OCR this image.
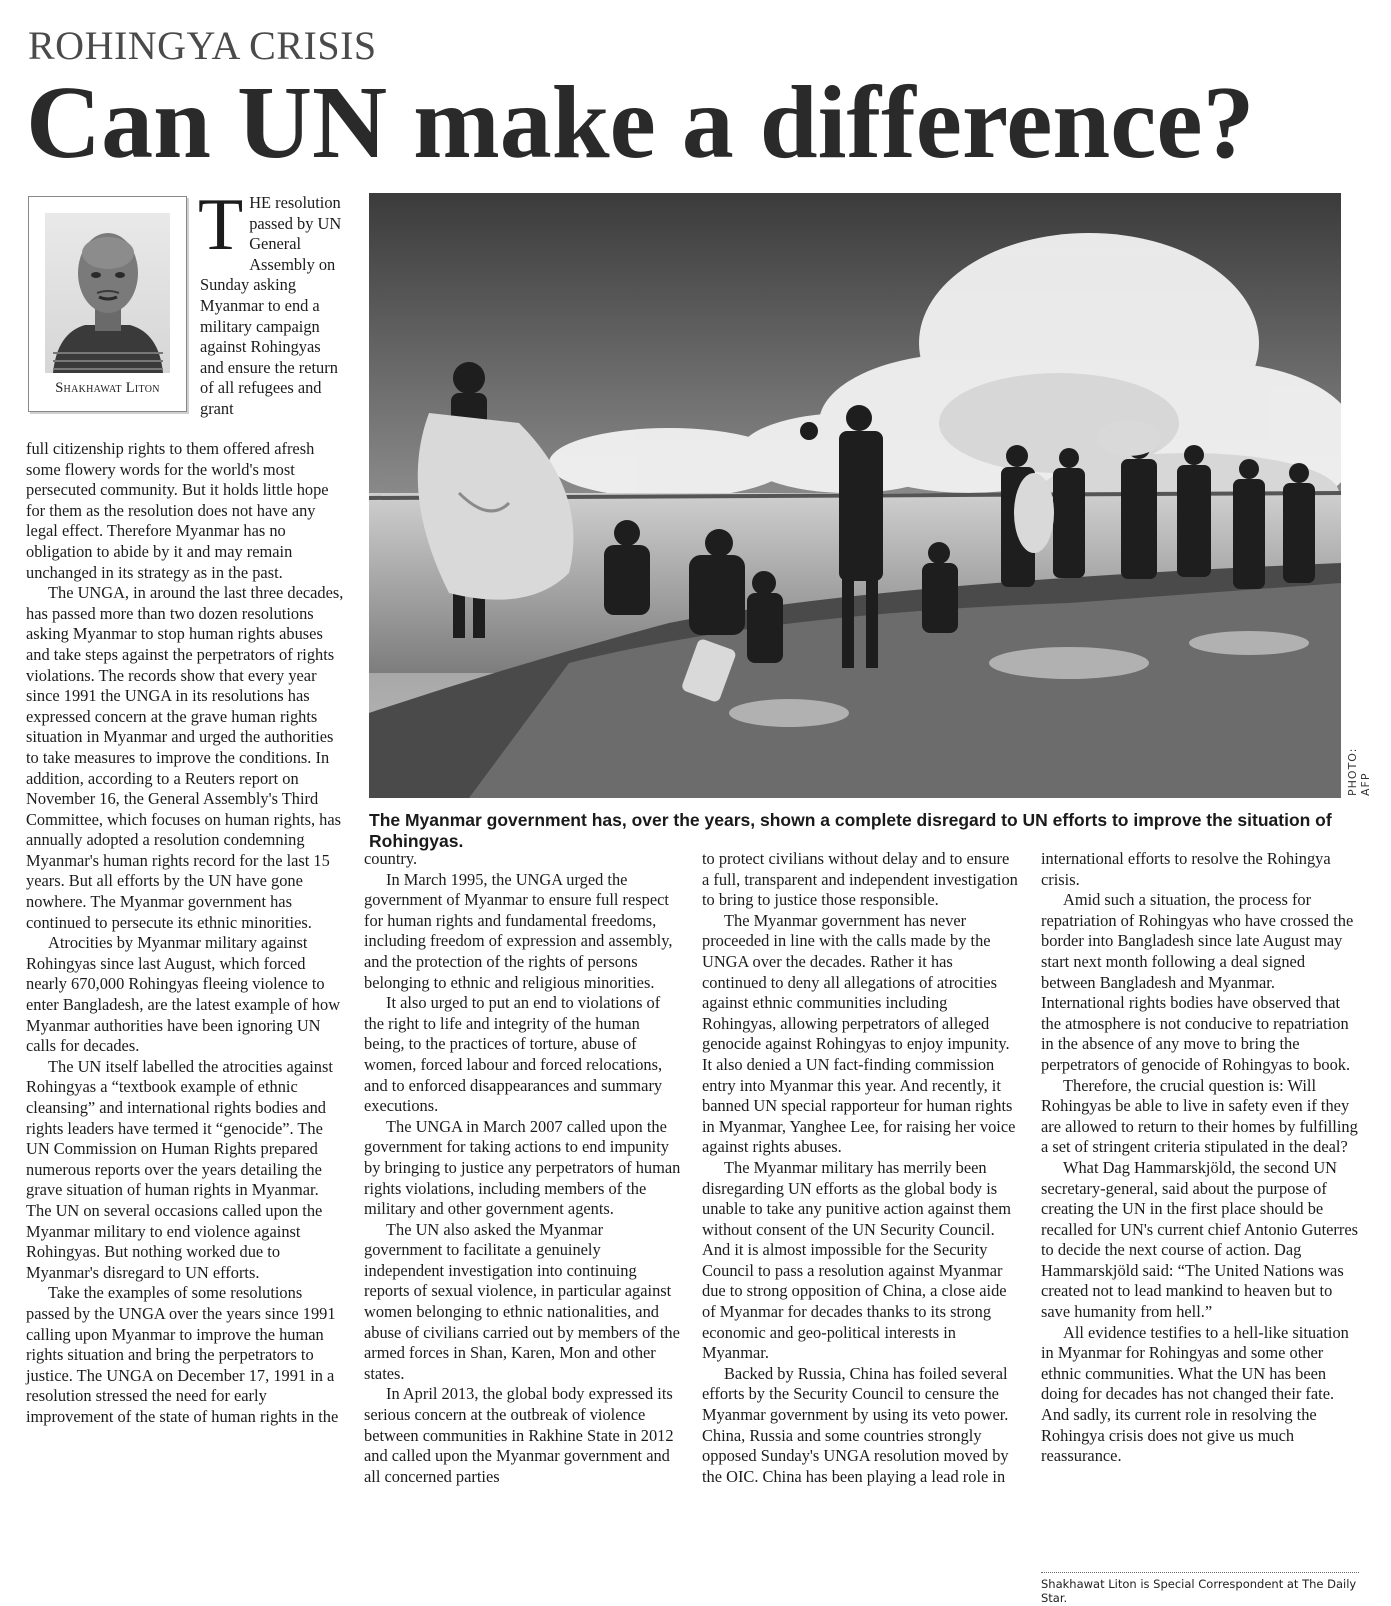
ROHINGYA CRISIS
Can UN make a difference?
Shakhawat Liton
THE resolution passed by UN General Assembly on Sunday asking Myanmar to end a military campaign against Rohingyas and ensure the return of all refugees and grant

full citizenship rights to them offered afresh some flowery words for the world's most persecuted community. But it holds little hope for them as the resolution does not have any legal effect. Therefore Myanmar has no obligation to abide by it and may remain unchanged in its strategy as in the past.

The UNGA, in around the last three decades, has passed more than two dozen resolutions asking Myanmar to stop human rights abuses and take steps against the perpetrators of rights violations. The records show that every year since 1991 the UNGA in its resolutions has expressed concern at the grave human rights situation in Myanmar and urged the authorities to take measures to improve the conditions. In addition, according to a Reuters report on November 16, the General Assembly's Third Committee, which focuses on human rights, has annually adopted a resolution condemning Myanmar's human rights record for the last 15 years. But all efforts by the UN have gone nowhere. The Myanmar government has continued to persecute its ethnic minorities.

Atrocities by Myanmar military against Rohingyas since last August, which forced nearly 670,000 Rohingyas fleeing violence to enter Bangladesh, are the latest example of how Myanmar authorities have been ignoring UN calls for decades.

The UN itself labelled the atrocities against Rohingyas a “textbook example of ethnic cleansing” and international rights bodies and rights leaders have termed it “genocide”. The UN Commission on Human Rights prepared numerous reports over the years detailing the grave situation of human rights in Myanmar. The UN on several occasions called upon the Myanmar military to end violence against Rohingyas. But nothing worked due to Myanmar's disregard to UN efforts.

Take the examples of some resolutions passed by the UNGA over the years since 1991 calling upon Myanmar to improve the human rights situation and bring the perpetrators to justice. The UNGA on December 17, 1991 in a resolution stressed the need for early improvement of the state of human rights in the

PHOTO: AFP
The Myanmar government has, over the years, shown a complete disregard to UN efforts to improve the situation of Rohingyas.

country.

In March 1995, the UNGA urged the government of Myanmar to ensure full respect for human rights and fundamental freedoms, including freedom of expression and assembly, and the protection of the rights of persons belonging to ethnic and religious minorities.

It also urged to put an end to violations of the right to life and integrity of the human being, to the practices of torture, abuse of women, forced labour and forced relocations, and to enforced disappearances and summary executions.

The UNGA in March 2007 called upon the government for taking actions to end impunity by bringing to justice any perpetrators of human rights violations, including members of the military and other government agents.

The UN also asked the Myanmar government to facilitate a genuinely independent investigation into continuing reports of sexual violence, in particular against women belonging to ethnic nationalities, and abuse of civilians carried out by members of the armed forces in Shan, Karen, Mon and other states.

In April 2013, the global body expressed its serious concern at the outbreak of violence between communities in Rakhine State in 2012 and called upon the Myanmar government and all concerned parties

to protect civilians without delay and to ensure a full, transparent and independent investigation to bring to justice those responsible.

The Myanmar government has never proceeded in line with the calls made by the UNGA over the decades. Rather it has continued to deny all allegations of atrocities against ethnic communities including Rohingyas, allowing perpetrators of alleged genocide against Rohingyas to enjoy impunity. It also denied a UN fact-finding commission entry into Myanmar this year. And recently, it banned UN special rapporteur for human rights in Myanmar, Yanghee Lee, for raising her voice against rights abuses.

The Myanmar military has merrily been disregarding UN efforts as the global body is unable to take any punitive action against them without consent of the UN Security Council. And it is almost impossible for the Security Council to pass a resolution against Myanmar due to strong opposition of China, a close aide of Myanmar for decades thanks to its strong economic and geo-political interests in Myanmar.

Backed by Russia, China has foiled several efforts by the Security Council to censure the Myanmar government by using its veto power. China, Russia and some countries strongly opposed Sunday's UNGA resolution moved by the OIC. China has been playing a lead role in

international efforts to resolve the Rohingya crisis.

Amid such a situation, the process for repatriation of Rohingyas who have crossed the border into Bangladesh since late August may start next month following a deal signed between Bangladesh and Myanmar. International rights bodies have observed that the atmosphere is not conducive to repatriation in the absence of any move to bring the perpetrators of genocide of Rohingyas to book.

Therefore, the crucial question is: Will Rohingyas be able to live in safety even if they are allowed to return to their homes by fulfilling a set of stringent criteria stipulated in the deal?

What Dag Hammarskjöld, the second UN secretary-general, said about the purpose of creating the UN in the first place should be recalled for UN's current chief Antonio Guterres to decide the next course of action. Dag Hammarskjöld said: “The United Nations was created not to lead mankind to heaven but to save humanity from hell.”

All evidence testifies to a hell-like situation in Myanmar for Rohingyas and some other ethnic communities. What the UN has been doing for decades has not changed their fate. And sadly, its current role in resolving the Rohingya crisis does not give us much reassurance.

Shakhawat Liton is Special Correspondent at The Daily Star.
